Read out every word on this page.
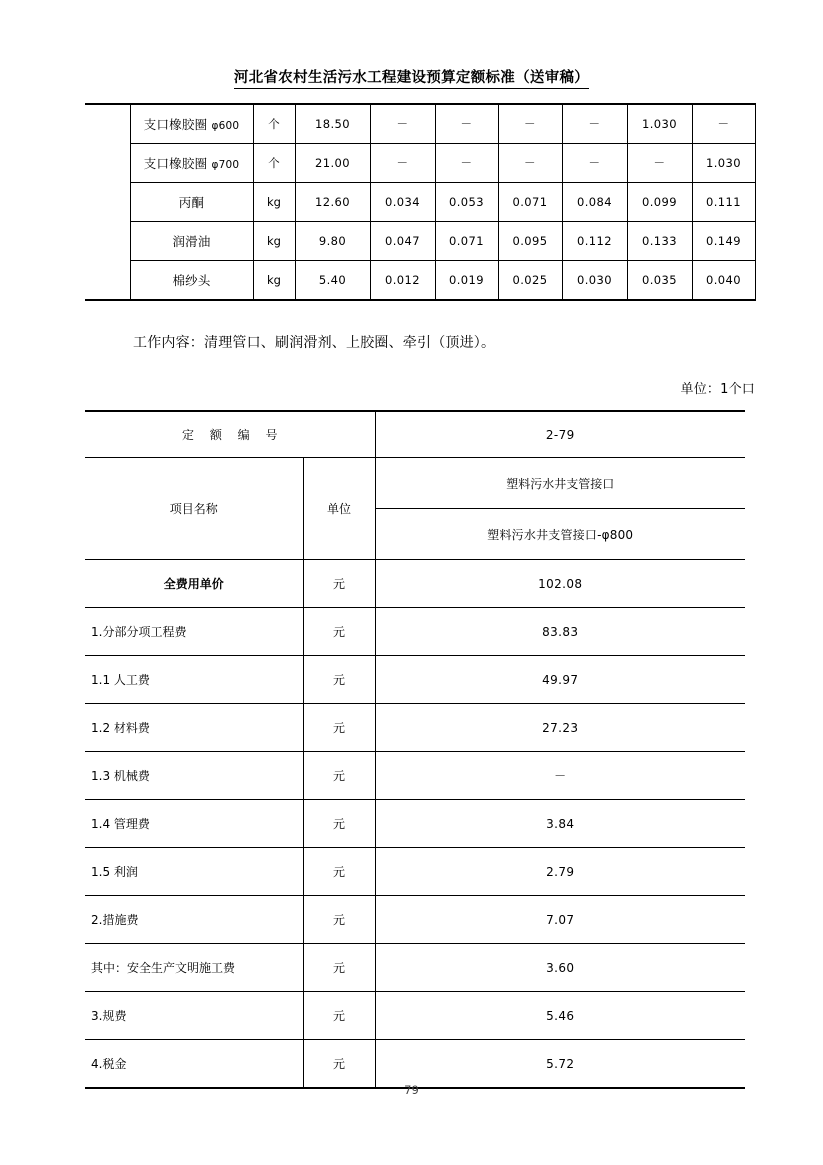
河北省农村生活污水工程建设预算定额标准（送审稿）
	支口橡胶圈 φ600	个	18.50	－	－	－	－	1.030	－
	支口橡胶圈 φ700	个	21.00	－	－	－	－	－	1.030
	丙酮	kg	12.60	0.034	0.053	0.071	0.084	0.099	0.111
	润滑油	kg	9.80	0.047	0.071	0.095	0.112	0.133	0.149
	棉纱头	kg	5.40	0.012	0.019	0.025	0.030	0.035	0.040
工作内容：清理管口、刷润滑剂、上胶圈、牵引（顶进）。
单位：1个口
定 额 编 号		2-79
项目名称	单位	塑料污水井支管接口
		塑料污水井支管接口-φ800
全费用单价	元	102.08
1.分部分项工程费	元	83.83
1.1 人工费	元	49.97
1.2 材料费	元	27.23
1.3 机械费	元	－
1.4 管理费	元	3.84
1.5 利润	元	2.79
2.措施费	元	7.07
其中：安全生产文明施工费	元	3.60
3.规费	元	5.46
4.税金	元	5.72
79
